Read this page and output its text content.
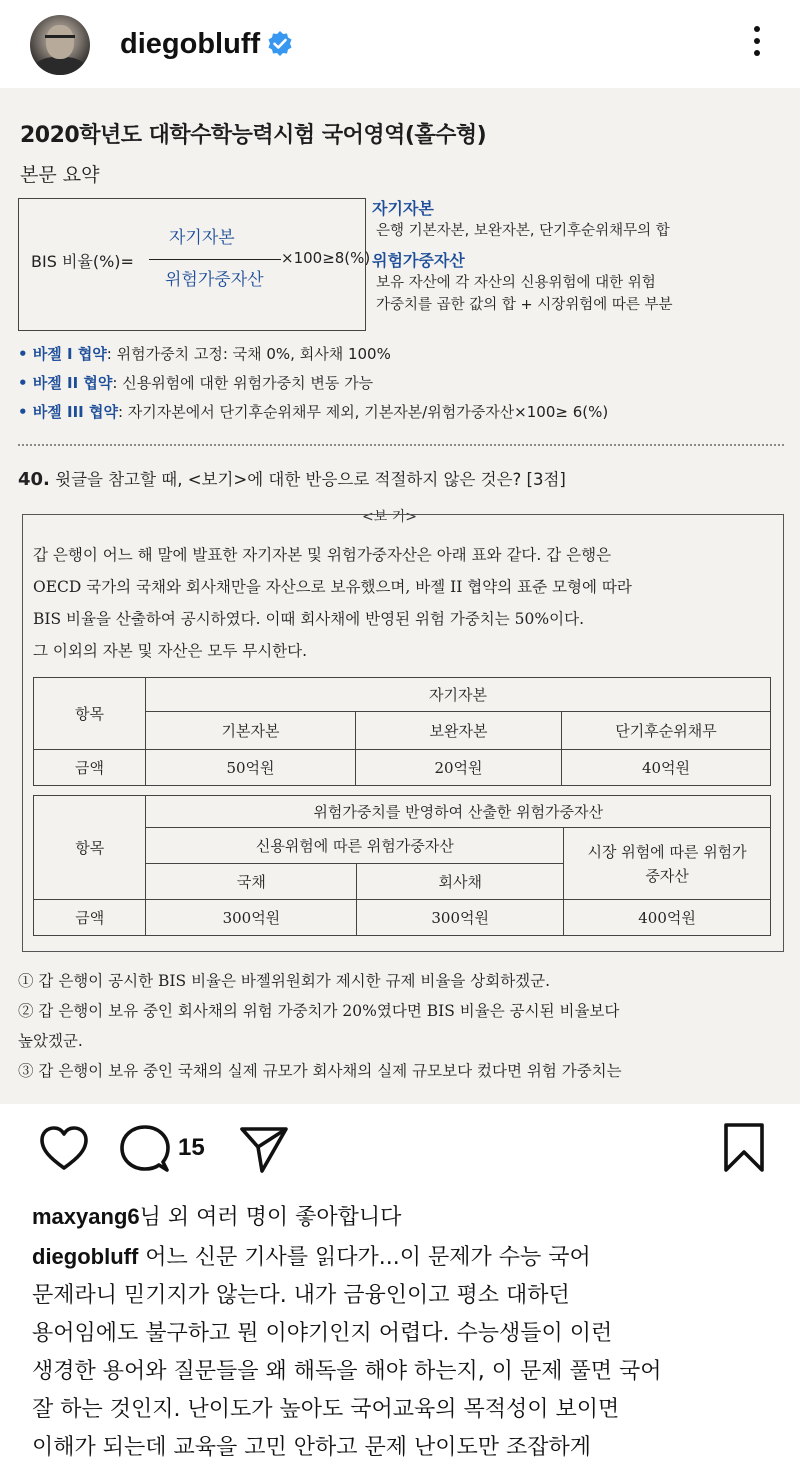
diegobluff
2020학년도 대학수학능력시험 국어영역(홀수형)
본문 요약
BIS 비율(%)=
자기자본
위험가중자산
×100≥8(%)
자기자본
은행 기본자본, 보완자본, 단기후순위채무의 합
위험가중자산
보유 자산에 각 자산의 신용위험에 대한 위험
가중치를 곱한 값의 합 + 시장위험에 따른 부분
• 바젤 I 협약: 위험가중치 고정: 국채 0%, 회사채 100%
• 바젤 II 협약: 신용위험에 대한 위험가중치 변동 가능
• 바젤 III 협약: 자기자본에서 단기후순위채무 제외, 기본자본/위험가중자산×100≥ 6(%)
40. 윗글을 참고할 때, <보기>에 대한 반응으로 적절하지 않은 것은? [3점]
<보 기>
갑 은행이 어느 해 말에 발표한 자기자본 및 위험가중자산은 아래 표와 같다. 갑 은행은
OECD 국가의 국채와 회사채만을 자산으로 보유했으며, 바젤 II 협약의 표준 모형에 따라
BIS 비율을 산출하여 공시하였다. 이때 회사채에 반영된 위험 가중치는 50%이다.
그 이외의 자본 및 자산은 모두 무시한다.
항목	자기자본		
	기본자본	보완자본	단기후순위채무
금액	50억원	20억원	40억원
항목	위험가중치를 반영하여 산출한 위험가중자산		
	신용위험에 따른 위험가중자산		시장 위험에 따른 위험가중자산
	국채	회사채	
금액	300억원	300억원	400억원
① 갑 은행이 공시한 BIS 비율은 바젤위원회가 제시한 규제 비율을 상회하겠군.
② 갑 은행이 보유 중인 회사채의 위험 가중치가 20%였다면 BIS 비율은 공시된 비율보다
높았겠군.
③ 갑 은행이 보유 중인 국채의 실제 규모가 회사채의 실제 규모보다 컸다면 위험 가중치는
15
maxyang6님 외 여러 명이 좋아합니다
diegobluff 어느 신문 기사를 읽다가...이 문제가 수능 국어
문제라니 믿기지가 않는다. 내가 금융인이고 평소 대하던
용어임에도 불구하고 뭔 이야기인지 어렵다. 수능생들이 이런
생경한 용어와 질문들을 왜 해독을 해야 하는지, 이 문제 풀면 국어
잘 하는 것인지. 난이도가 높아도 국어교육의 목적성이 보이면
이해가 되는데 교육을 고민 안하고 문제 난이도만 조잡하게
